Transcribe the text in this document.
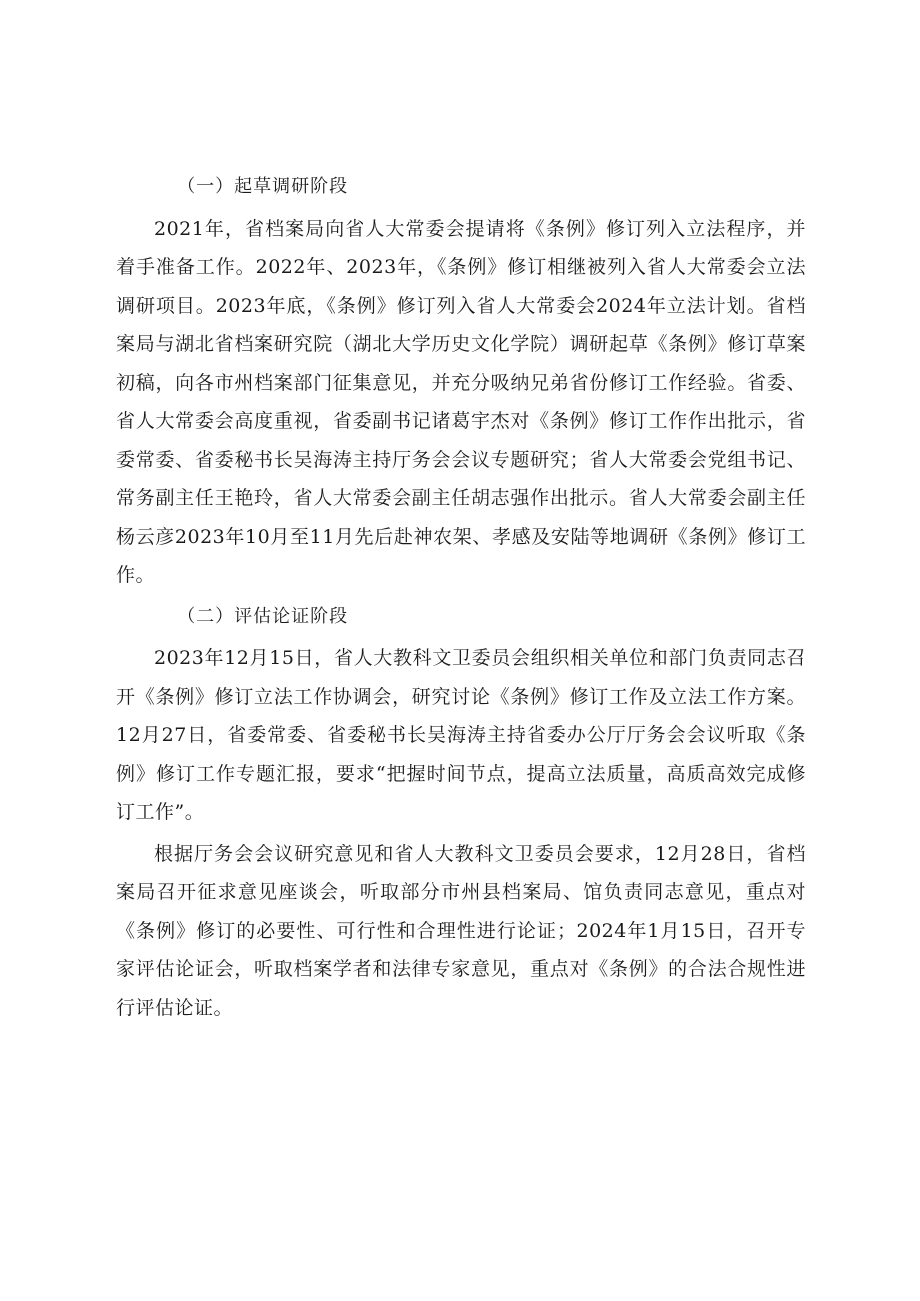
（一）起草调研阶段

2021年，省档案局向省人大常委会提请将《条例》修订列入立法程序，并着手准备工作。2022年、2023年，《条例》修订相继被列入省人大常委会立法调研项目。2023年底，《条例》修订列入省人大常委会2024年立法计划。省档案局与湖北省档案研究院（湖北大学历史文化学院）调研起草《条例》修订草案初稿，向各市州档案部门征集意见，并充分吸纳兄弟省份修订工作经验。省委、省人大常委会高度重视，省委副书记诸葛宇杰对《条例》修订工作作出批示，省委常委、省委秘书长吴海涛主持厅务会会议专题研究；省人大常委会党组书记、常务副主任王艳玲，省人大常委会副主任胡志强作出批示。省人大常委会副主任杨云彦2023年10月至11月先后赴神农架、孝感及安陆等地调研《条例》修订工作。

（二）评估论证阶段

2023年12月15日，省人大教科文卫委员会组织相关单位和部门负责同志召开《条例》修订立法工作协调会，研究讨论《条例》修订工作及立法工作方案。12月27日，省委常委、省委秘书长吴海涛主持省委办公厅厅务会会议听取《条例》修订工作专题汇报，要求“把握时间节点，提高立法质量，高质高效完成修订工作”。

根据厅务会会议研究意见和省人大教科文卫委员会要求，12月28日，省档案局召开征求意见座谈会，听取部分市州县档案局、馆负责同志意见，重点对《条例》修订的必要性、可行性和合理性进行论证；2024年1月15日，召开专家评估论证会，听取档案学者和法律专家意见，重点对《条例》的合法合规性进行评估论证。
